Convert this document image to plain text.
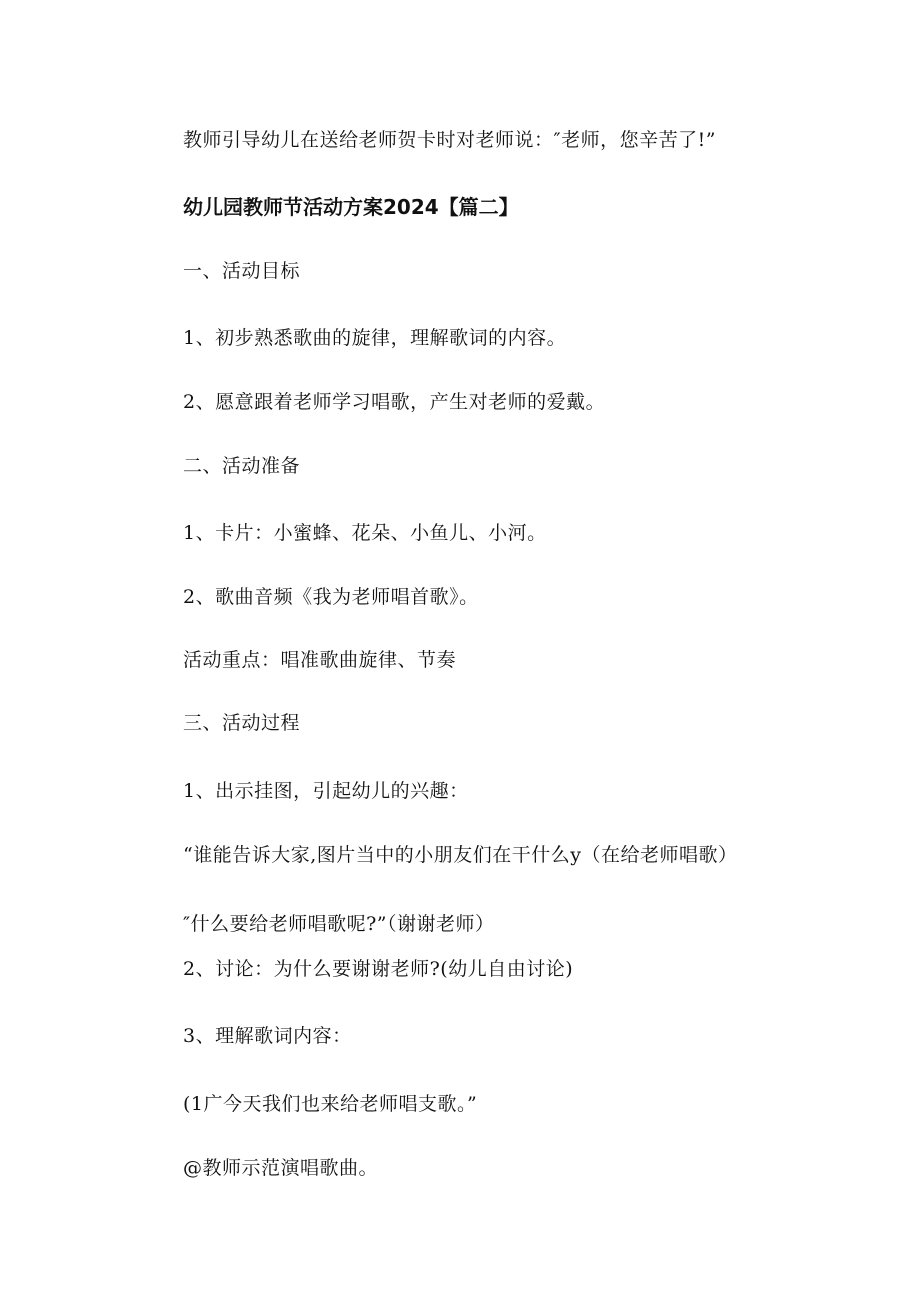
教师引导幼儿在送给老师贺卡时对老师说：″老师，您辛苦了!”

幼儿园教师节活动方案2024【篇二】

一、活动目标

1、初步熟悉歌曲的旋律，理解歌词的内容。

2、愿意跟着老师学习唱歌，产生对老师的爱戴。

二、活动准备

1、卡片：小蜜蜂、花朵、小鱼儿、小河。

2、歌曲音频《我为老师唱首歌》。

活动重点：唱准歌曲旋律、节奏

三、活动过程

1、出示挂图，引起幼儿的兴趣：

“谁能告诉大家,图片当中的小朋友们在干什么y（在给老师唱歌）

″什么要给老师唱歌呢?”（谢谢老师）

2、讨论：为什么要谢谢老师?(幼儿自由讨论)

3、理解歌词内容：

(1广今天我们也来给老师唱支歌。”

@教师示范演唱歌曲。
